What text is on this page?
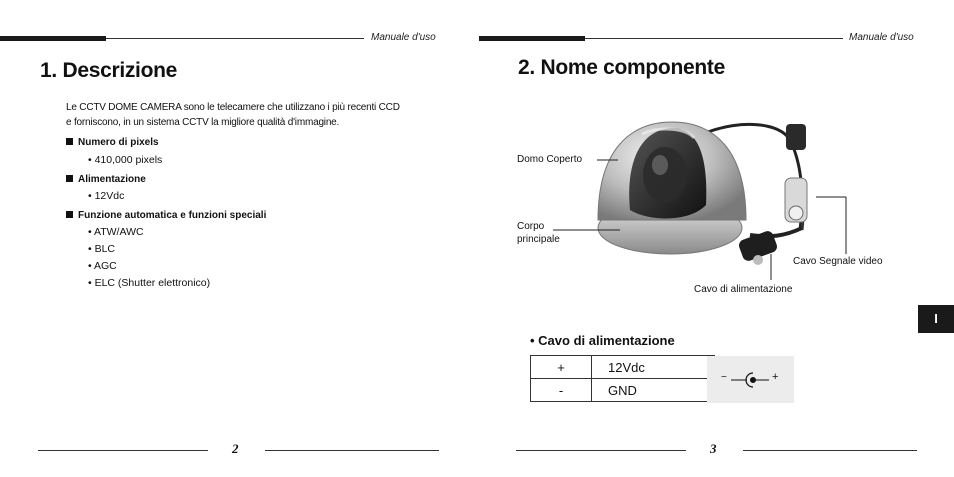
Manuale d'uso
1. Descrizione
Le CCTV DOME CAMERA sono le telecamere che utilizzano i più recenti CCD
e forniscono, in un sistema CCTV la migliore qualità d'immagine.
Numero di pixels
• 410,000 pixels
Alimentazione
• 12Vdc
Funzione automatica e funzioni speciali
• ATW/AWC
• BLC
• AGC
• ELC (Shutter elettronico)
2
Manuale d'uso
2. Nome componente
Domo Coperto
Corpo
principale
Cavo Segnale video
Cavo di alimentazione
I
• Cavo di alimentazione
+	12Vdc
-	GND
−	+
3
